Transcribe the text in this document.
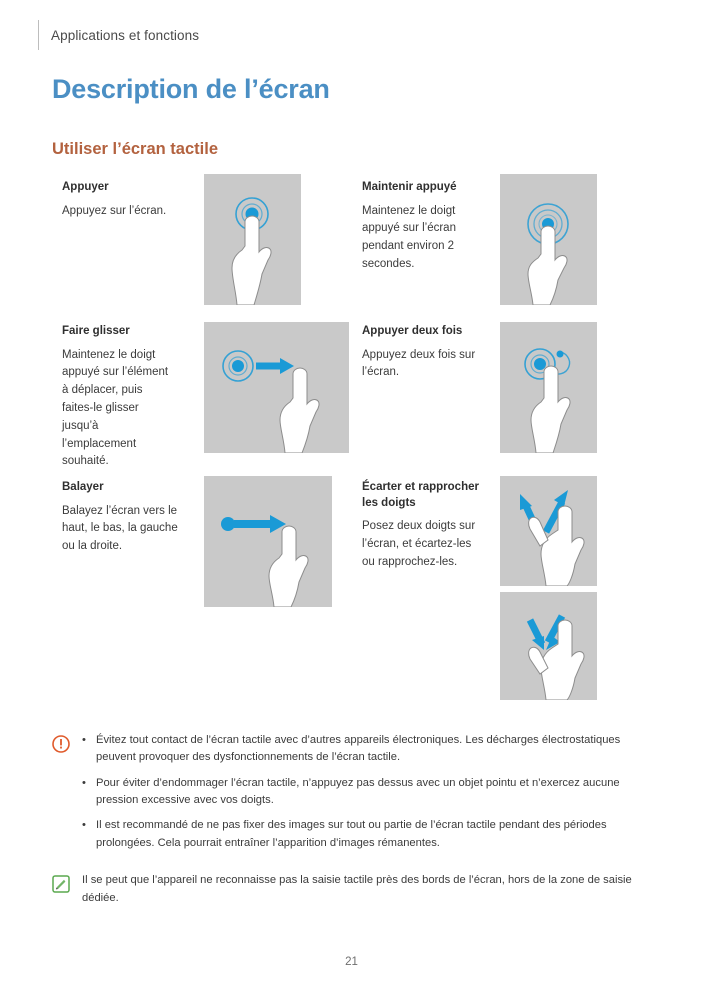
Applications et fonctions
Description de l’écran
Utiliser l’écran tactile
Appuyer
Appuyez sur l’écran.
Maintenir appuyé
Maintenez le doigt appuyé sur l’écran pendant environ 2 secondes.
Faire glisser
Maintenez le doigt appuyé sur l’élément à déplacer, puis faites-le glisser jusqu’à l’emplacement souhaité.
Appuyer deux fois
Appuyez deux fois sur l’écran.
Balayer
Balayez l’écran vers le haut, le bas, la gauche ou la droite.
Écarter et rapprocher les doigts
Posez deux doigts sur l’écran, et écartez-les ou rapprochez-les.
• Évitez tout contact de l’écran tactile avec d’autres appareils électroniques. Les décharges électrostatiques peuvent provoquer des dysfonctionnements de l’écran tactile.
• Pour éviter d’endommager l’écran tactile, n’appuyez pas dessus avec un objet pointu et n’exercez aucune pression excessive avec vos doigts.
• Il est recommandé de ne pas fixer des images sur tout ou partie de l’écran tactile pendant des périodes prolongées. Cela pourrait entraîner l’apparition d’images rémanentes.
Il se peut que l’appareil ne reconnaisse pas la saisie tactile près des bords de l’écran, hors de la zone de saisie dédiée.
21
